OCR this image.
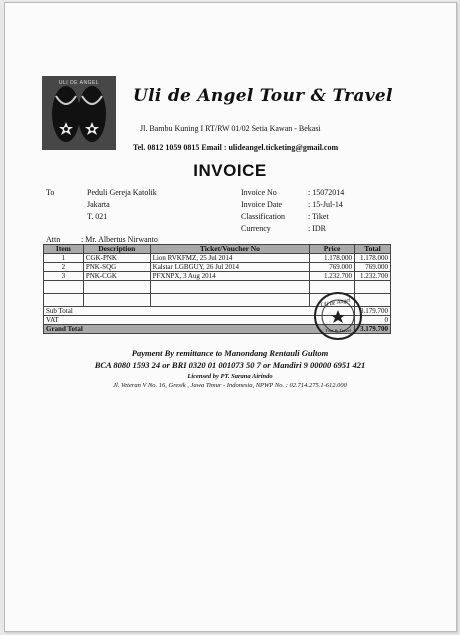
ULI DE ANGEL
Uli de Angel Tour & Travel
Jl. Bambu Kuning I RT/RW 01/02 Setia Kawan - Bekasi
Tel. 0812 1059 0815 Email : ulideangel.ticketing@gmail.com
INVOICE
To	Peduli Gereja Katolik
Jakarta
T. 021
Invoice No	: 15072014
Invoice Date	: 15-Jul-14
Classification	: Tiket
Currency	: IDR
Attn	: Mr. Albertus Nirwanto
Item	Description	Ticket/Voucher No	Price	Total
1	CGK-PNK	Lion RVKFMZ, 25 Jul 2014	1.178.000	1.178.000
2	PNK-SQG	Kalstar LGBGUY, 26 Jul 2014	769.000	769.000
3	PNK-CGK	PFXNPX, 3 Aug 2014	1.232.700	1.232.700

Sub Total				3.179.700
VAT				0
Grand Total				3.179.700
Uli de Angel
Tour & Travel
Payment By remittance to Manondang Rentauli Gultom
BCA 8080 1593 24 or BRI 0320 01 001073 50 7 or Mandiri 9 00000 6951 421
Licensed by PT. Sarana Airindo
Jl. Veteran V No. 16, Gresik , Jawa Timur - Indonesia, NPWP No. : 02.714.275.1-612.000
